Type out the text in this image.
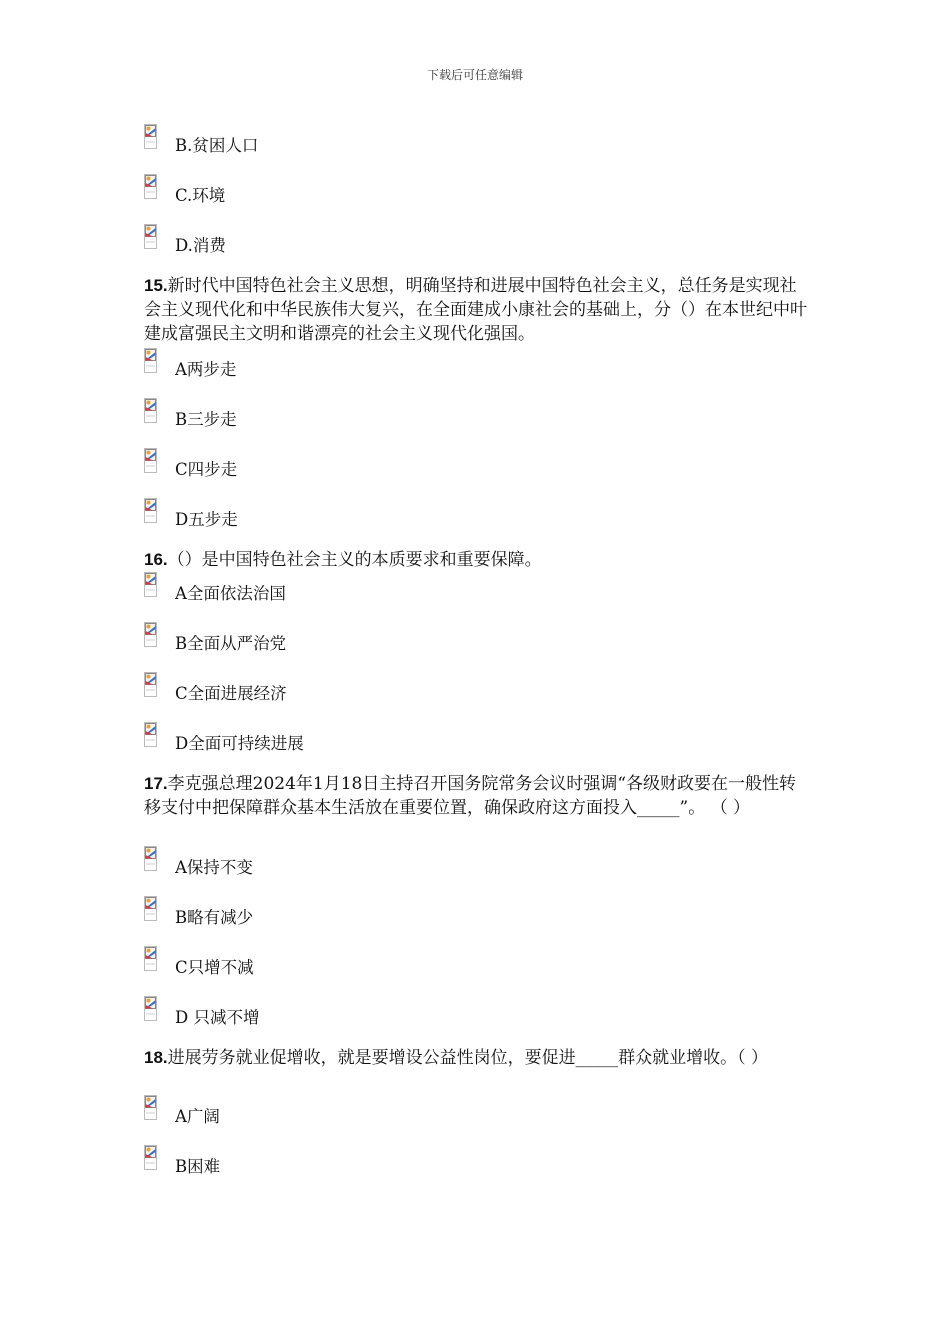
下载后可任意编辑
B.贫困人口
C.环境
D.消费
15.新时代中国特色社会主义思想，明确坚持和进展中国特色社会主义，总任务是实现社会主义现代化和中华民族伟大复兴，在全面建成小康社会的基础上，分（）在本世纪中叶建成富强民主文明和谐漂亮的社会主义现代化强国。
A两步走
B三步走
C四步走
D五步走
16.（）是中国特色社会主义的本质要求和重要保障。
A全面依法治国
B全面从严治党
C全面进展经济
D全面可持续进展
17.李克强总理2024年1月18日主持召开国务院常务会议时强调“各级财政要在一般性转移支付中把保障群众基本生活放在重要位置，确保政府这方面投入_____”。 （ ）
A保持不变
B略有减少
C只增不减
D 只减不增
18.进展劳务就业促增收，就是要增设公益性岗位，要促进_____群众就业增收。（ ）
A广阔
B困难
